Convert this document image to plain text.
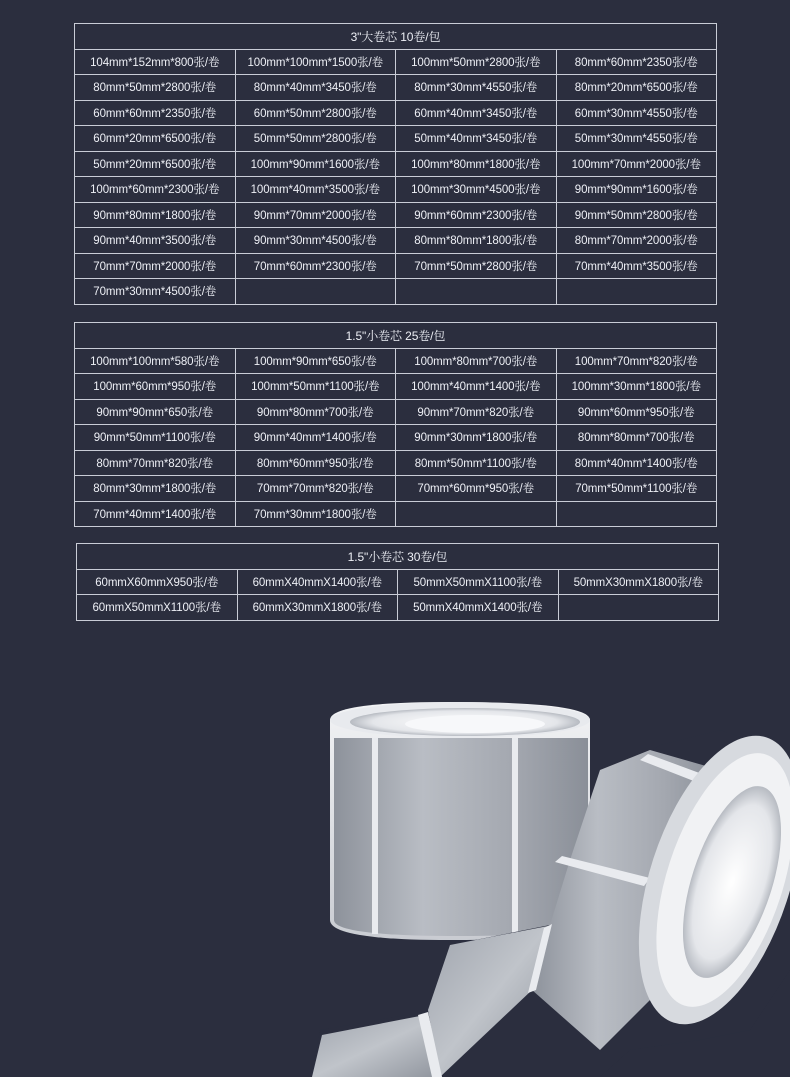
3"大卷芯 10卷/包			
104mm*152mm*800张/卷	100mm*100mm*1500张/卷	100mm*50mm*2800张/卷	80mm*60mm*2350张/卷
80mm*50mm*2800张/卷	80mm*40mm*3450张/卷	80mm*30mm*4550张/卷	80mm*20mm*6500张/卷
60mm*60mm*2350张/卷	60mm*50mm*2800张/卷	60mm*40mm*3450张/卷	60mm*30mm*4550张/卷
60mm*20mm*6500张/卷	50mm*50mm*2800张/卷	50mm*40mm*3450张/卷	50mm*30mm*4550张/卷
50mm*20mm*6500张/卷	100mm*90mm*1600张/卷	100mm*80mm*1800张/卷	100mm*70mm*2000张/卷
100mm*60mm*2300张/卷	100mm*40mm*3500张/卷	100mm*30mm*4500张/卷	90mm*90mm*1600张/卷
90mm*80mm*1800张/卷	90mm*70mm*2000张/卷	90mm*60mm*2300张/卷	90mm*50mm*2800张/卷
90mm*40mm*3500张/卷	90mm*30mm*4500张/卷	80mm*80mm*1800张/卷	80mm*70mm*2000张/卷
70mm*70mm*2000张/卷	70mm*60mm*2300张/卷	70mm*50mm*2800张/卷	70mm*40mm*3500张/卷
70mm*30mm*4500张/卷			
1.5"小卷芯 25卷/包			
100mm*100mm*580张/卷	100mm*90mm*650张/卷	100mm*80mm*700张/卷	100mm*70mm*820张/卷
100mm*60mm*950张/卷	100mm*50mm*1100张/卷	100mm*40mm*1400张/卷	100mm*30mm*1800张/卷
90mm*90mm*650张/卷	90mm*80mm*700张/卷	90mm*70mm*820张/卷	90mm*60mm*950张/卷
90mm*50mm*1100张/卷	90mm*40mm*1400张/卷	90mm*30mm*1800张/卷	80mm*80mm*700张/卷
80mm*70mm*820张/卷	80mm*60mm*950张/卷	80mm*50mm*1100张/卷	80mm*40mm*1400张/卷
80mm*30mm*1800张/卷	70mm*70mm*820张/卷	70mm*60mm*950张/卷	70mm*50mm*1100张/卷
70mm*40mm*1400张/卷	70mm*30mm*1800张/卷		
1.5"小卷芯 30卷/包			
60mmX60mmX950张/卷	60mmX40mmX1400张/卷	50mmX50mmX1100张/卷	50mmX30mmX1800张/卷
60mmX50mmX1100张/卷	60mmX30mmX1800张/卷	50mmX40mmX1400张/卷	
